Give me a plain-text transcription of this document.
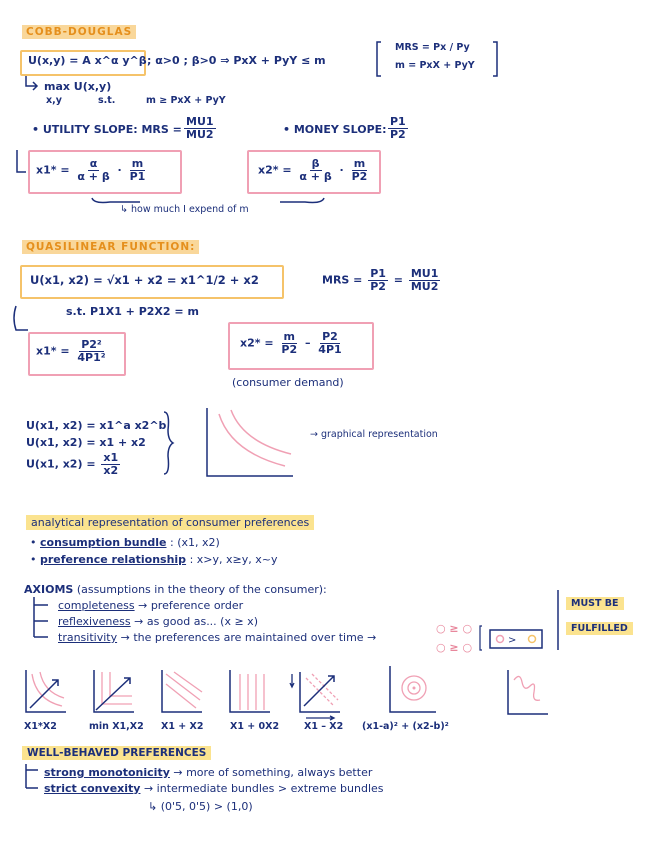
COBB-DOUGLAS
U(x,y) = A x^α y^β ; α>0 ; β>0 ⇒ PxX + PyY ≤ m
MRS = Px / Py
m = PxX + PyY
max U(x,y)
x,y	s.t.	m ≥ PxX + PyY
• UTILITY SLOPE: MRS = $\frac{MU1}{MU2}$	• MONEY SLOPE: $\frac{P1}{P2}$
$x1* = \frac{\alpha}{\alpha + \beta} \cdot \frac{m}{P1}$	$x2* = \frac{\beta}{\alpha + \beta} \cdot \frac{m}{P2}$
↳ how much I expend of m
QUASILINEAR FUNCTION:
U(x1, x2) = √x1 + x2 = x1^1/2 + x2	MRS = $\frac{P1}{P2} = \frac{MU1}{MU2}$
s.t. P1X1 + P2X2 = m
$x1* = \frac{\text{P2²}}{\text{4P1²}}$	$x2* = \frac{m}{P2} - \frac{P2}{4P1}$
(consumer demand)
U(x1, x2) = x1^a x2^b
U(x1, x2) = x1 + x2
U(x1, $x2) = \frac{x1}{x2}$
→ graphical representation
analytical representation of consumer preferences
• consumption bundle : (x1, x2)
• preference relationship : x>y, x≥y, x~y
AXIOMS (assumptions in the theory of the consumer):
completeness → preference order
reflexiveness → as good as... (x ≥ x)
transitivity → the preferences are maintained over time →
○ ≥ ○
○ ≥ ○
>
MUST BE
FULFILLED
X1*X2	min X1,X2 X1 + X2	X1 + 0X2	X1 – X2 (x1-a)² + (x2-b)²
WELL-BEHAVED PREFERENCES
strong monotonicity → more of something, always better
strict convexity → intermediate bundles > extreme bundles
↳ (0'5, 0'5) > (1,0)
